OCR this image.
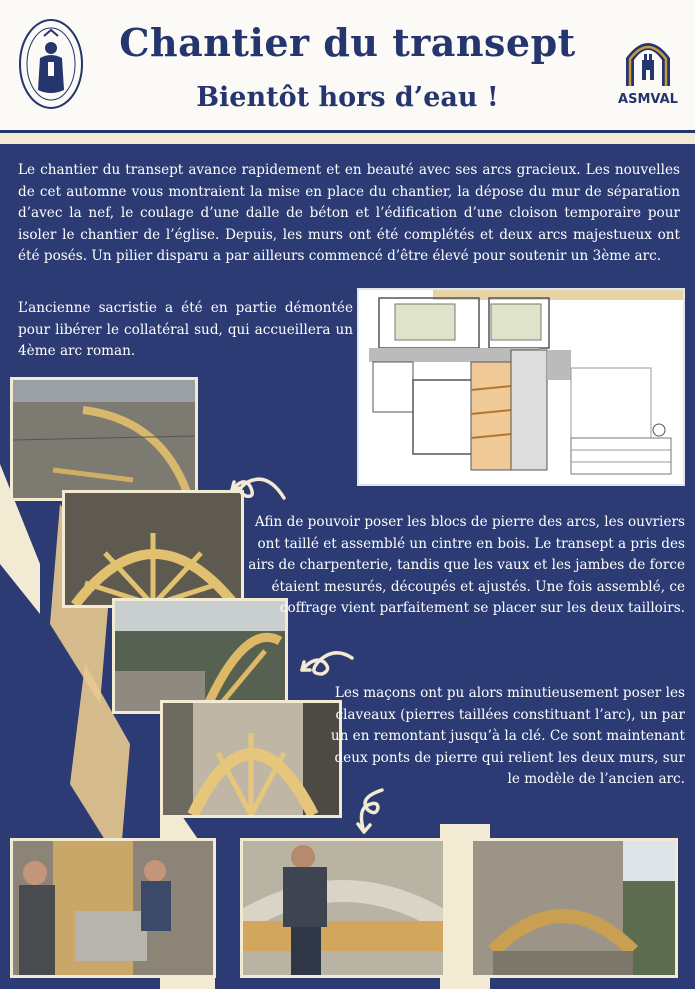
Chantier du transept
Bientôt hors d’eau !	ASMVAL
Le chantier du transept avance rapidement et en beauté avec ses arcs gracieux. Les nouvelles de cet automne vous montraient la mise en place du chantier, la dépose du mur de séparation d’avec la nef, le coulage d’une dalle de béton et l’édification d’une cloison temporaire pour isoler le chantier de l’église. Depuis, les murs ont été complétés et deux arcs majestueux ont été posés. Un pilier disparu a par ailleurs commencé d’être élevé pour soutenir un 3ème arc.
L’ancienne sacristie a été en partie démontée pour libérer le collatéral sud, qui accueillera un 4ème arc roman.
Afin de pouvoir poser les blocs de pierre des arcs, les ouvriers ont taillé et assemblé un cintre en bois. Le transept a pris des airs de charpenterie, tandis que les vaux et les jambes de force étaient mesurés, découpés et ajustés. Une fois assemblé, ce coffrage vient parfaitement se placer sur les deux tailloirs.
Les maçons ont pu alors minutieusement poser les claveaux (pierres taillées constituant l’arc), un par un en remontant jusqu’à la clé. Ce sont maintenant deux ponts de pierre qui relient les deux murs, sur le modèle de l’ancien arc.
